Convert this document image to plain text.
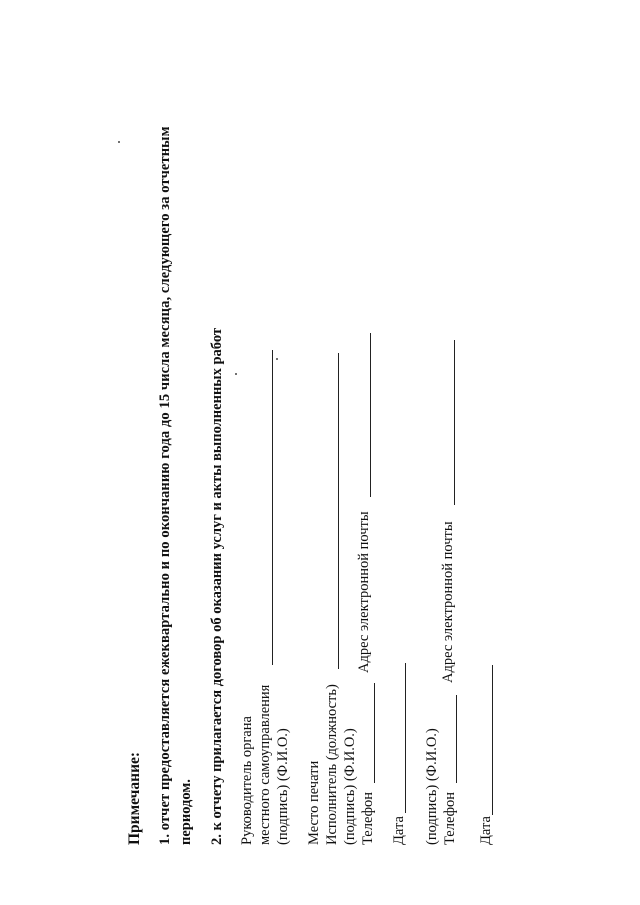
Примечание: 1. отчет предоставляется ежеквартально и по окончанию года до 15 числа месяца, следующего за отчетным периодом. 2. к отчету прилагается договор об оказании услуг и акты выполненных работ Руководитель органа местного самоуправления (подпись) (Ф.И.О.) Место печати Исполнитель (должность) (подпись) (Ф.И.О.) Телефон
Адрес электронной почты
Дата (подпись) (Ф.И.О.) Телефон
Адрес электронной почты
Дата
